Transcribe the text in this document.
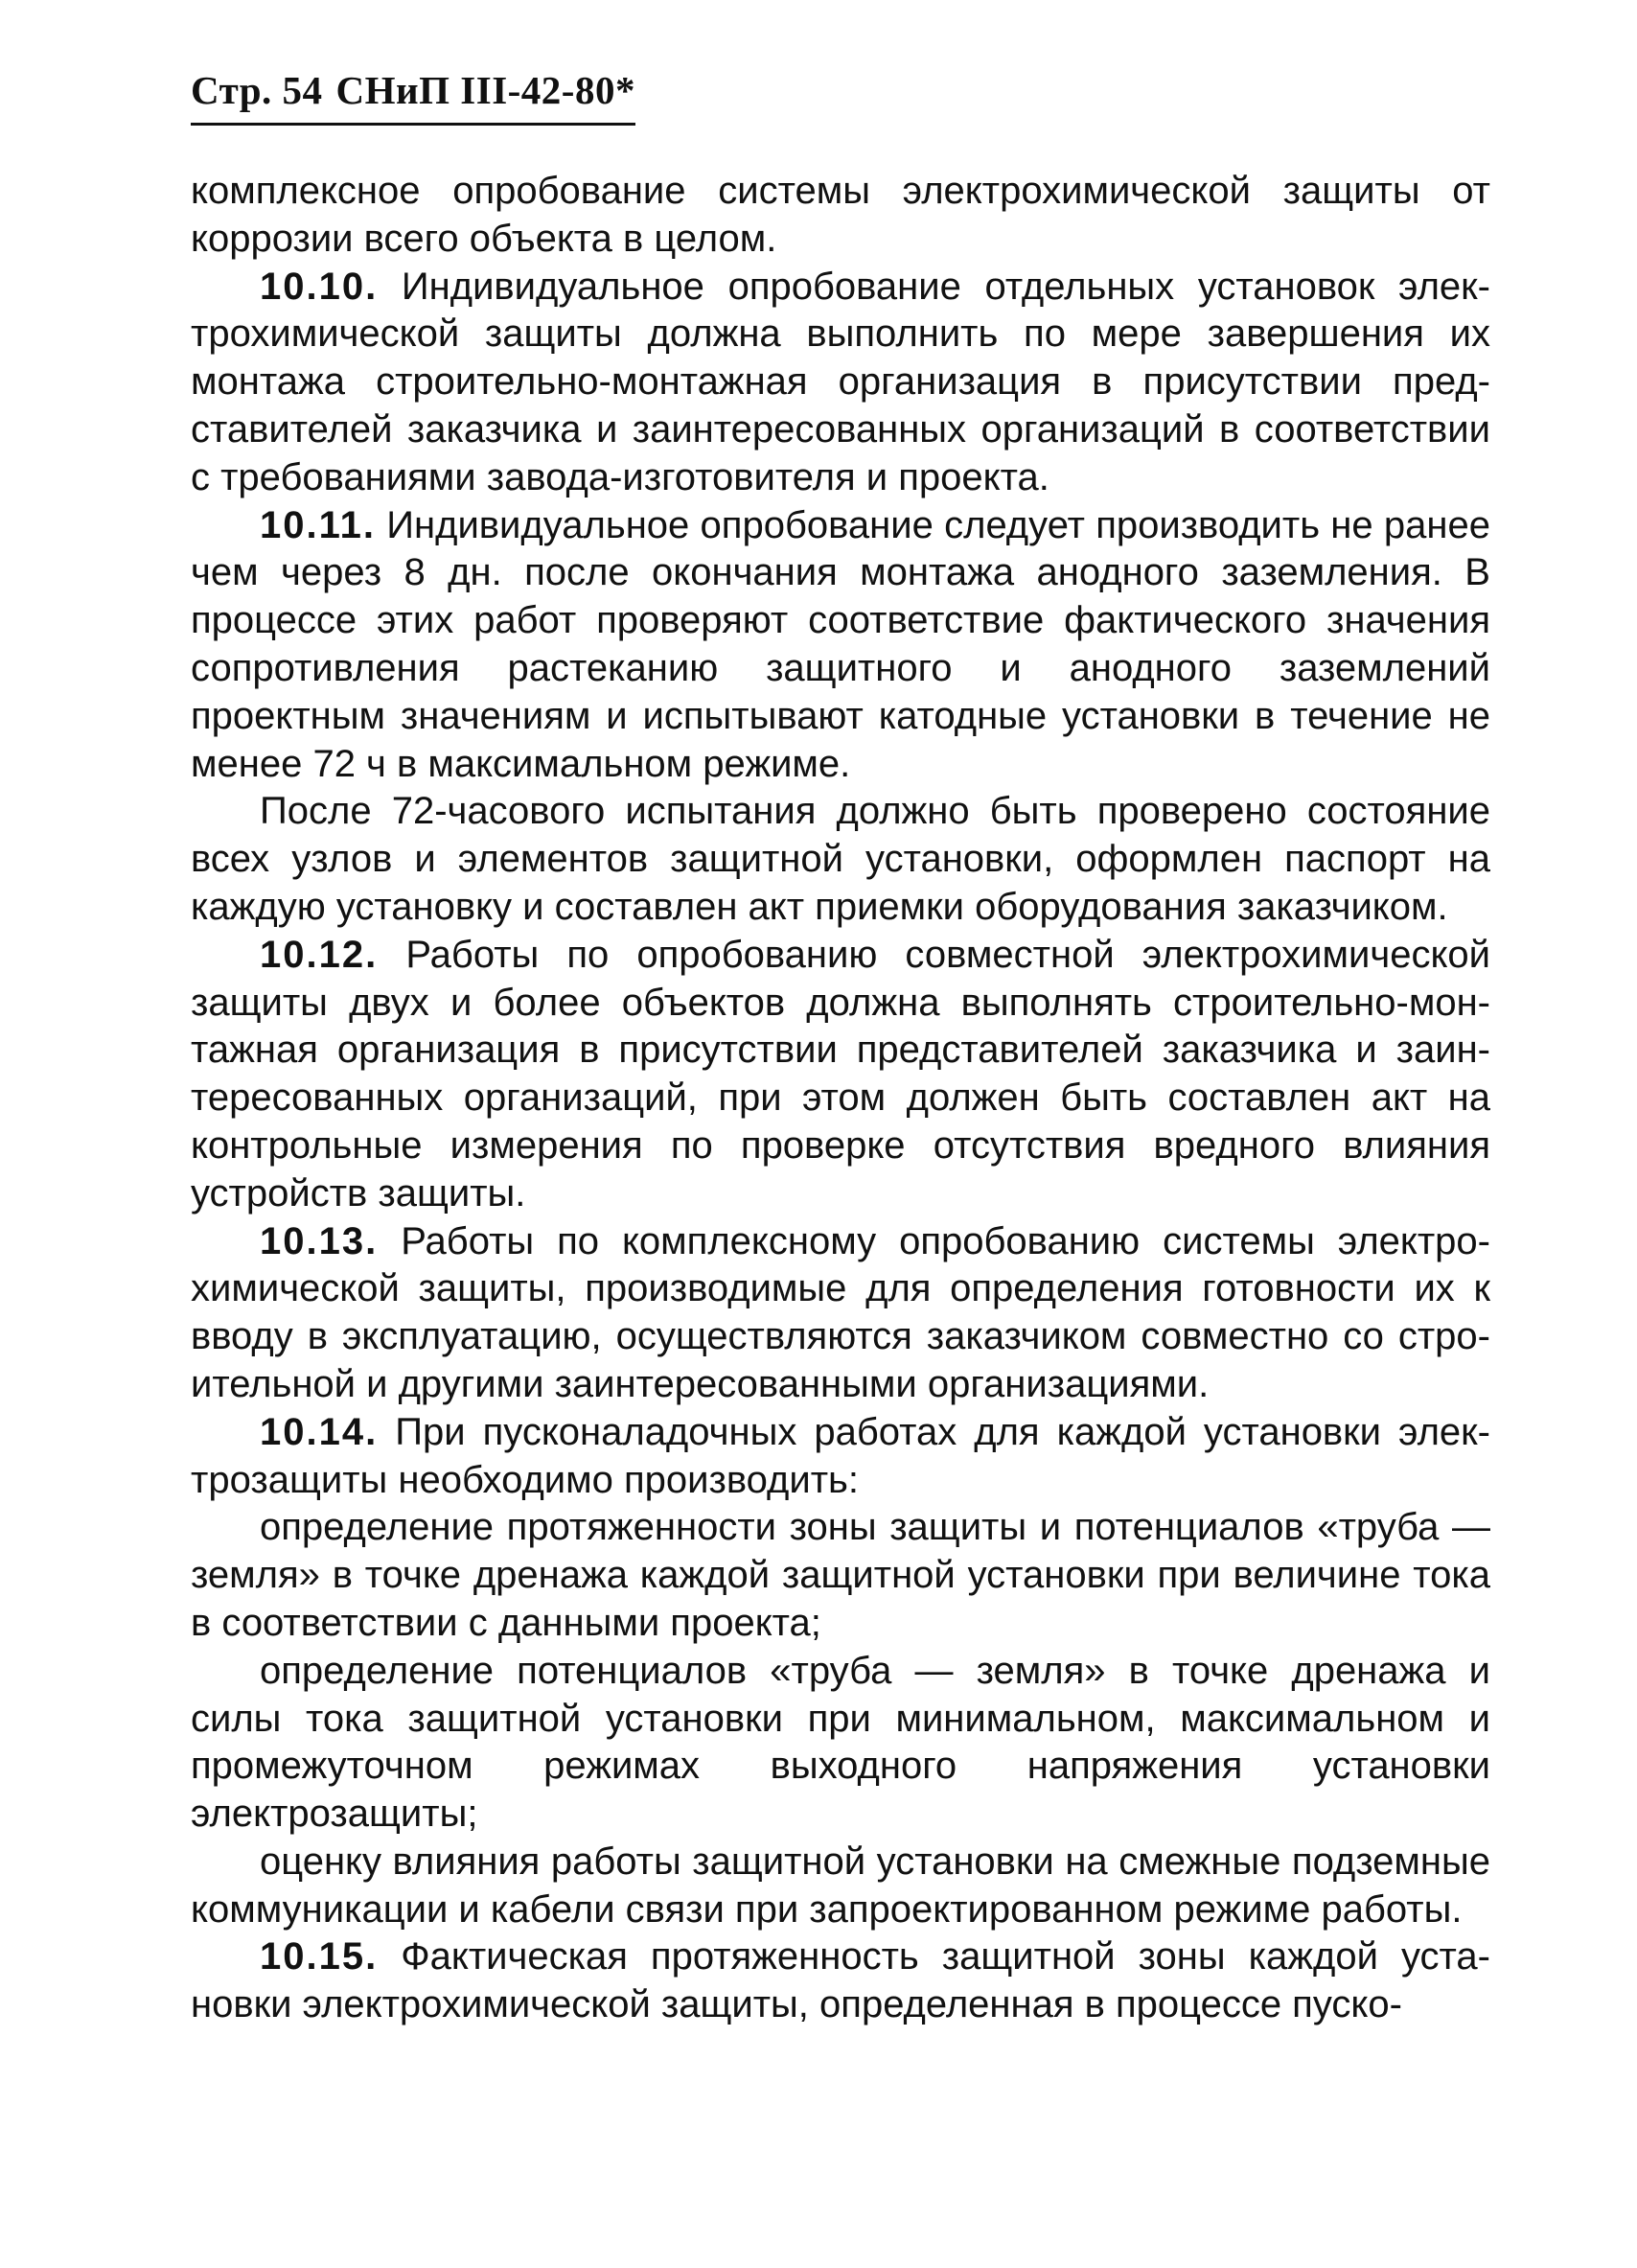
Стр. 54 СНиП III-42-80*

комплексное опробование системы электрохимической защиты от коррозии всего объекта в целом.

10.10. Индивидуальное опробование отдельных установок электрохимической защиты должна выполнить по мере завершения их монтажа строительно-монтажная организация в присутствии представителей заказчика и заинтересованных организаций в соответствии с требованиями завода-изготовителя и проекта.

10.11. Индивидуальное опробование следует производить не ранее чем через 8 дн. после окончания монтажа анодного заземления. В процессе этих работ проверяют соответствие фактического значения сопротивления растеканию защитного и анодного заземлений проектным значениям и испытывают катодные установки в течение не менее 72 ч в максимальном режиме.

После 72-часового испытания должно быть проверено состояние всех узлов и элементов защитной установки, оформлен паспорт на каждую установку и составлен акт приемки оборудования заказчиком.

10.12. Работы по опробованию совместной электрохимической защиты двух и более объектов должна выполнять строительно-монтажная организация в присутствии представителей заказчика и заинтересованных организаций, при этом должен быть составлен акт на контрольные измерения по проверке отсутствия вредного влияния устройств защиты.

10.13. Работы по комплексному опробованию системы электрохимической защиты, производимые для определения готовности их к вводу в эксплуатацию, осуществляются заказчиком совместно со строительной и другими заинтересованными организациями.

10.14. При пусконаладочных работах для каждой установки электрозащиты необходимо производить:

определение протяженности зоны защиты и потенциалов «труба — земля» в точке дренажа каждой защитной установки при величине тока в соответствии с данными проекта;

определение потенциалов «труба — земля» в точке дренажа и силы тока защитной установки при минимальном, максимальном и промежуточном режимах выходного напряжения установки электрозащиты;

оценку влияния работы защитной установки на смежные подземные коммуникации и кабели связи при запроектированном режиме работы.

10.15. Фактическая протяженность защитной зоны каждой установки электрохимической защиты, определенная в процессе пуско-
